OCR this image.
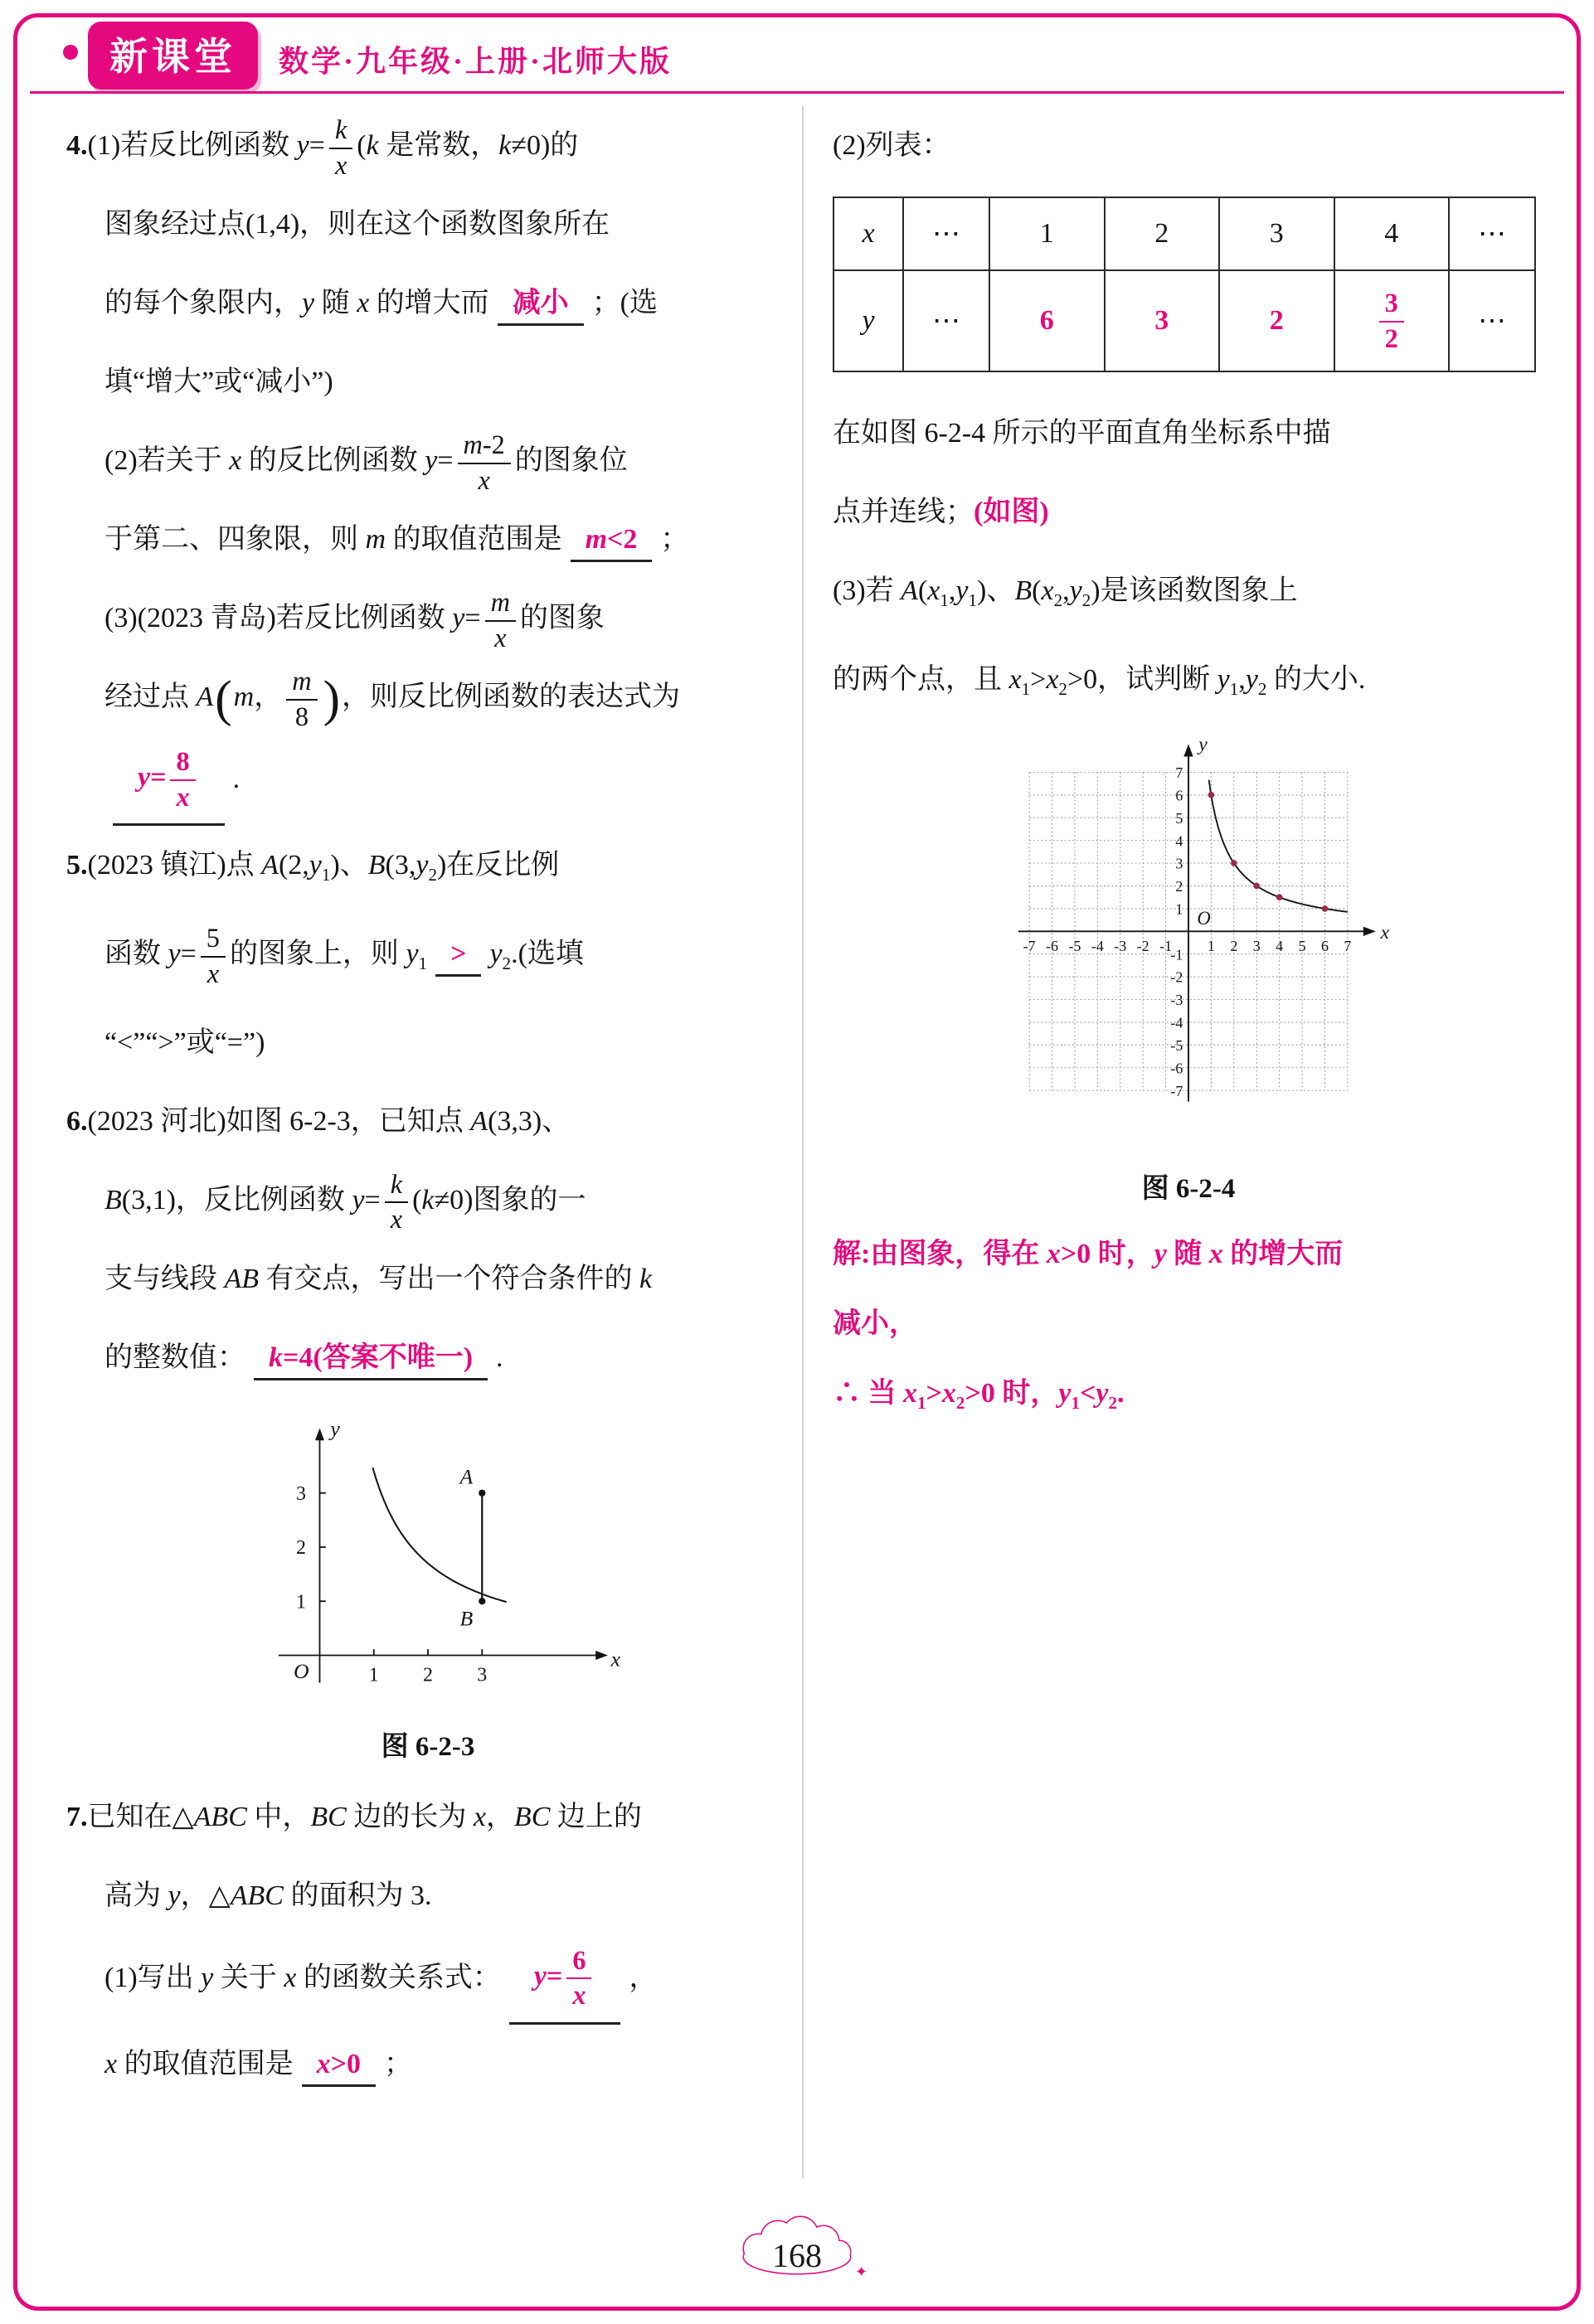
新课堂	数学·九年级·上册·北师大版
4.(1)若反比例函数 $y= \frac{k}{x} (k$ 是常数，k≠0)的
图象经过点(1,4)，则在这个函数图象所在
的每个象限内，y 随 x 的增大而 减小 ；(选
填“增大”或“减小”)
(2)若关于 x 的反比例函数 $y= \frac{m-2}{x}$ 的图象位
于第二、四象限，则 m 的取值范围是 m<2 ；
(3)(2023 青岛)若反比例函数 $y= \frac{m}{x}$ 的图象
经过点 A(m， $\frac{m}{8}$ )，则反比例函数的表达式为
$y= \frac{8}{x}$ .
5.(2023 镇江)点 $A(2,y_1)$、$B(3,y_2)$在反比例
函数 $y= \frac{5}{x}$ 的图象上，则 $y_1 > y_2$.(选填
“<”“>”或“=”)
6.(2023 河北)如图 6-2-3，已知点 A(3,3)、
B(3,1)，反比例函数 $y= \frac{k}{x} (k\ne 0)$图象的一
支与线段 AB 有交点，写出一个符合条件的 k
的整数值： k=4(答案不唯一) .
1 2 3
1
2
3
x
y
O
A
B
图 6-2-3
7.已知在△ABC 中，BC 边的长为 x，BC 边上的
高为 y，△ABC 的面积为 3.
(1)写出 y 关于 x 的函数关系式： $y= \frac{6}{x}$ ，
x 的取值范围是 x>0 ；
(2)列表：
x	⋯	1	2	3	4	⋯
y	⋯	6	3	2	$\frac{3}{2}$	⋯
在如图 6-2-4 所示的平面直角坐标系中描
点并连线；(如图)
(3)若 $A(x_1,y_1)$、$B(x_2,y_2)$是该函数图象上
的两个点，且 $x_1>x_2>0$，试判断 $y_1,y_2$ 的大小.
x
y
O
-7
-7
-6
-6
-5
-5
-4
-4
-3
-3
-2
-2
-1
-1
1
1
2
2
3
3
4
4
5
5
6
6
7
7
图 6-2-4
解:由图象，得在 x>0 时，y 随 x 的增大而
减小，
∴ 当 $x_1>x_2>0$ 时，$y_1<y_2$.
168 ✦
